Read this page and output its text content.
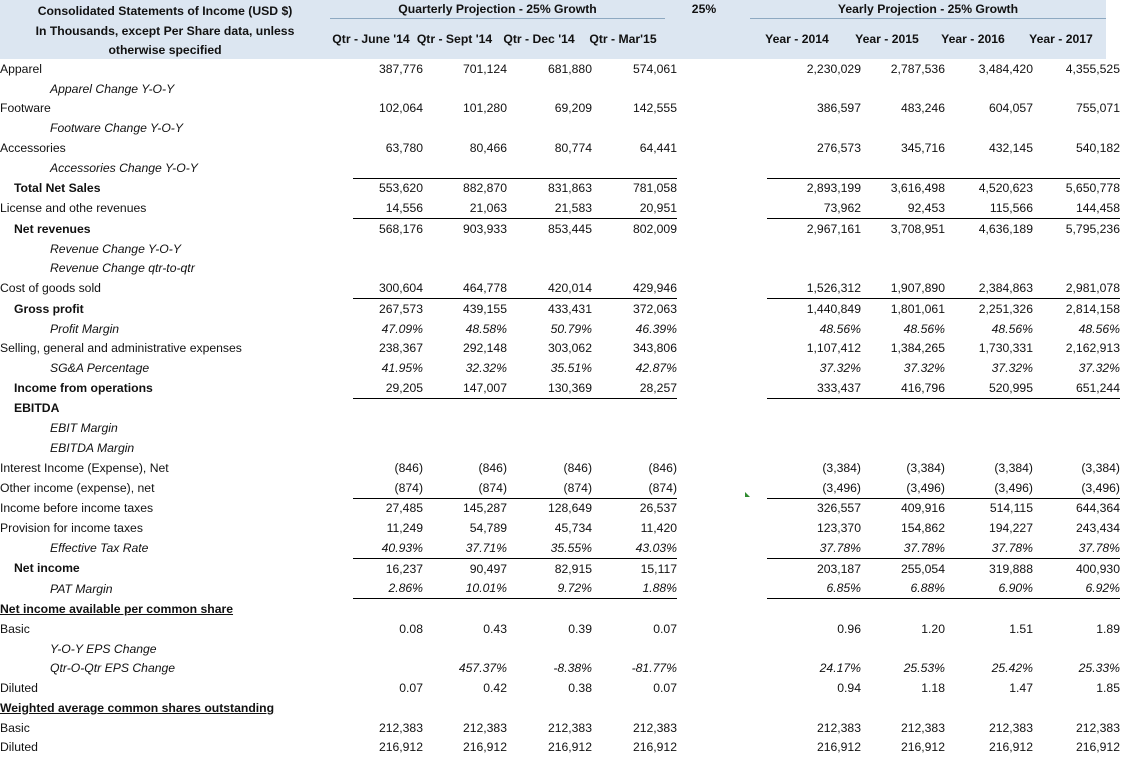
Consolidated Statements of Income (USD $)
In Thousands, except Per Share data, unless
otherwise specified
Quarterly Projection - 25% Growth	25%	Yearly Projection - 25% Growth
Qtr - June '14 Qtr - Sept '14 Qtr - Dec '14	Qtr - Mar'15	Year - 2014	Year - 2015	Year - 2016	Year - 2017
Apparel	387,776	701,124	681,880	574,061		2,230,029	2,787,536	3,484,420	4,355,525
Apparel Change Y-O-Y									
Footware	102,064	101,280	69,209	142,555		386,597	483,246	604,057	755,071
Footware Change Y-O-Y									
Accessories	63,780	80,466	80,774	64,441		276,573	345,716	432,145	540,182
Accessories Change Y-O-Y									
Total Net Sales	553,620	882,870	831,863	781,058		2,893,199	3,616,498	4,520,623	5,650,778
License and othe revenues	14,556	21,063	21,583	20,951		73,962	92,453	115,566	144,458
Net revenues	568,176	903,933	853,445	802,009		2,967,161	3,708,951	4,636,189	5,795,236
Revenue Change Y-O-Y									
Revenue Change qtr-to-qtr									
Cost of goods sold	300,604	464,778	420,014	429,946		1,526,312	1,907,890	2,384,863	2,981,078
Gross profit	267,573	439,155	433,431	372,063		1,440,849	1,801,061	2,251,326	2,814,158
Profit Margin	47.09%	48.58%	50.79%	46.39%		48.56%	48.56%	48.56%	48.56%
Selling, general and administrative expenses	238,367	292,148	303,062	343,806		1,107,412	1,384,265	1,730,331	2,162,913
SG&A Percentage	41.95%	32.32%	35.51%	42.87%		37.32%	37.32%	37.32%	37.32%
Income from operations	29,205	147,007	130,369	28,257		333,437	416,796	520,995	651,244
EBITDA									
EBIT Margin									
EBITDA Margin									
Interest Income (Expense), Net	(846)	(846)	(846)	(846)		(3,384)	(3,384)	(3,384)	(3,384)
Other income (expense), net	(874)	(874)	(874)	(874)		(3,496)	(3,496)	(3,496)	(3,496)
Income before income taxes	27,485	145,287	128,649	26,537		326,557	409,916	514,115	644,364
Provision for income taxes	11,249	54,789	45,734	11,420		123,370	154,862	194,227	243,434
Effective Tax Rate	40.93%	37.71%	35.55%	43.03%		37.78%	37.78%	37.78%	37.78%
Net income	16,237	90,497	82,915	15,117		203,187	255,054	319,888	400,930
PAT Margin	2.86%	10.01%	9.72%	1.88%		6.85%	6.88%	6.90%	6.92%
Net income available per common share									
Basic	0.08	0.43	0.39	0.07		0.96	1.20	1.51	1.89
Y-O-Y EPS Change									
Qtr-O-Qtr EPS Change		457.37%	-8.38%	-81.77%		24.17%	25.53%	25.42%	25.33%
Diluted	0.07	0.42	0.38	0.07		0.94	1.18	1.47	1.85
Weighted average common shares outstanding									
Basic	212,383	212,383	212,383	212,383		212,383	212,383	212,383	212,383
Diluted	216,912	216,912	216,912	216,912		216,912	216,912	216,912	216,912
